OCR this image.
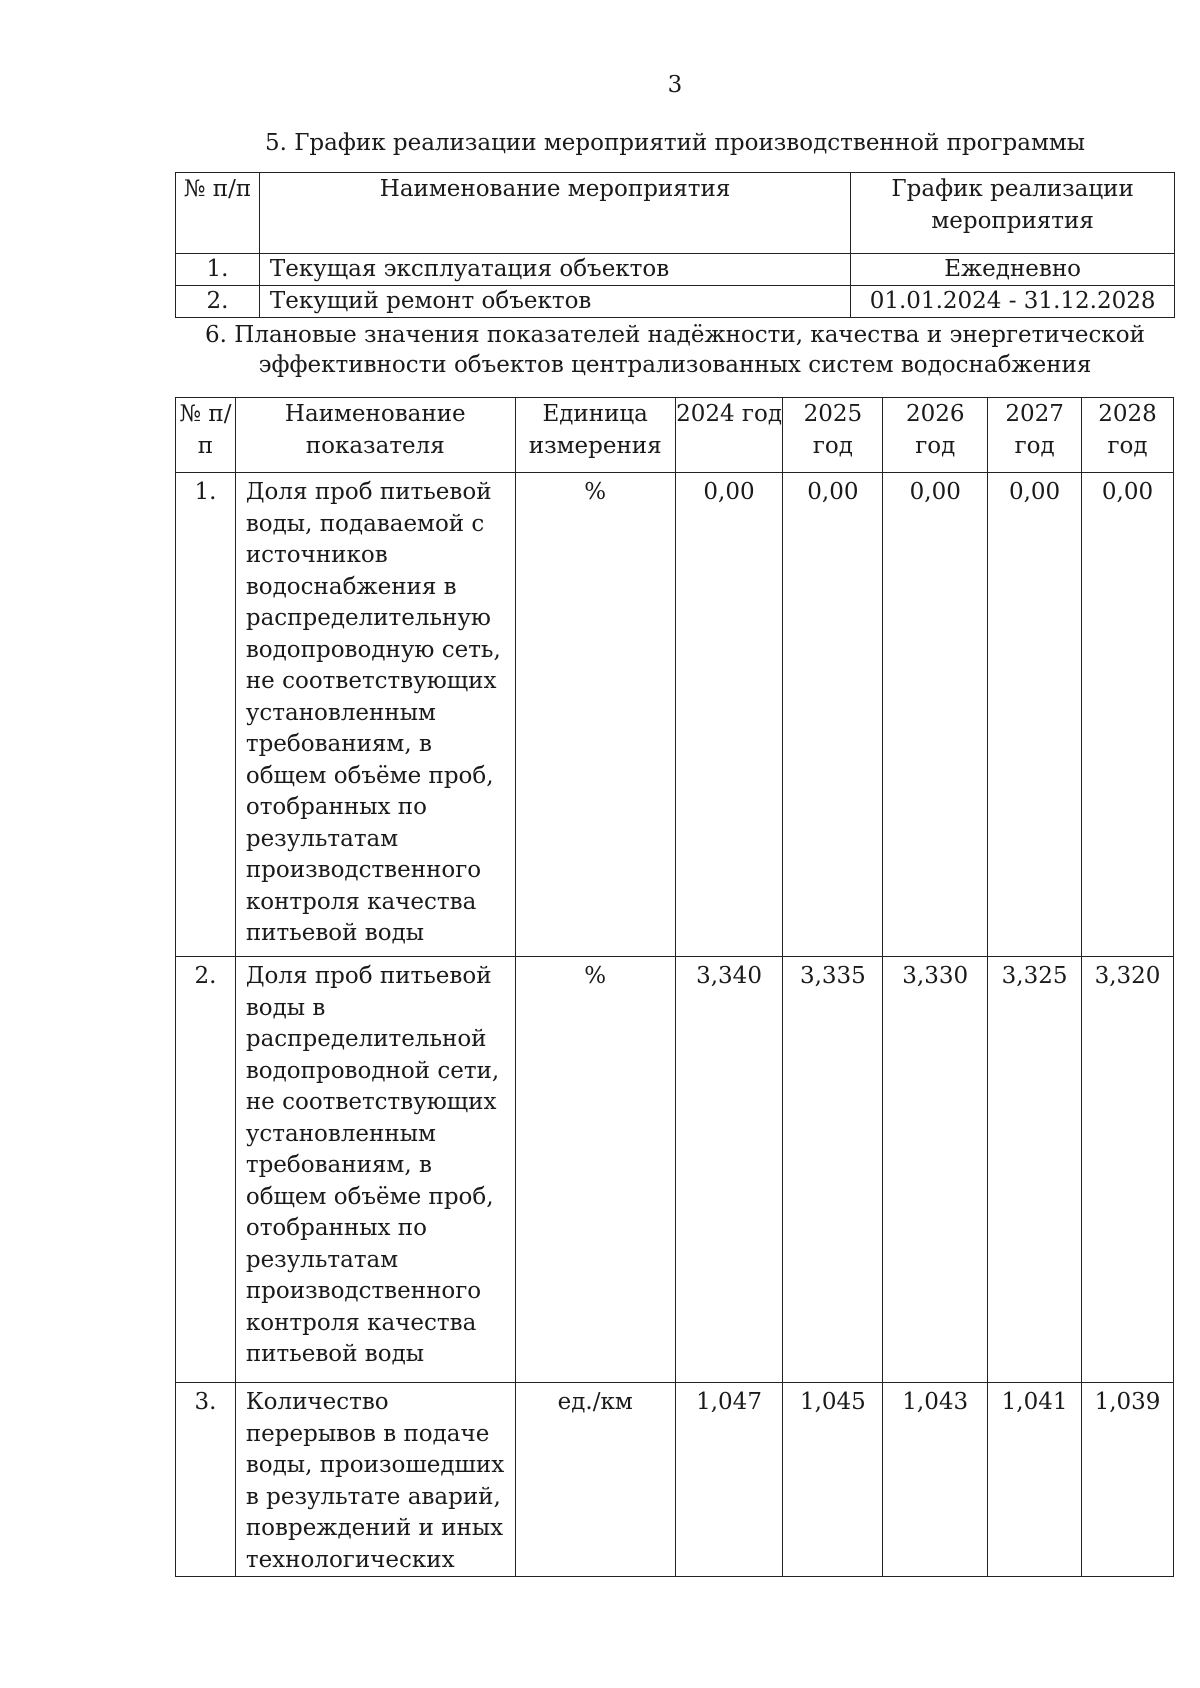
3
5. График реализации мероприятий производственной программы
№ п/п	Наименование мероприятия	График реализации мероприятия
1.	Текущая эксплуатация объектов	Ежедневно
2.	Текущий ремонт объектов	01.01.2024 - 31.12.2028
6. Плановые значения показателей надёжности, качества и энергетической эффективности объектов централизованных систем водоснабжения
№ п/п	Наименование показателя	Единица измерения	2024 год	2025 год	2026 год	2027 год	2028 год
1.	Доля проб питьевой воды, подаваемой с источников водоснабжения в распределительную водопроводную сеть, не соответствующих установленным требованиям, в общем объёме проб, отобранных по результатам производственного контроля качества питьевой воды	%	0,00	0,00	0,00	0,00	0,00
2.	Доля проб питьевой воды в распределительной водопроводной сети, не соответствующих установленным требованиям, в общем объёме проб, отобранных по результатам производственного контроля качества питьевой воды	%	3,340	3,335	3,330	3,325	3,320
3.	Количество перерывов в подаче воды, произошедших в результате аварий, повреждений и иных технологических	ед./км	1,047	1,045	1,043	1,041	1,039
